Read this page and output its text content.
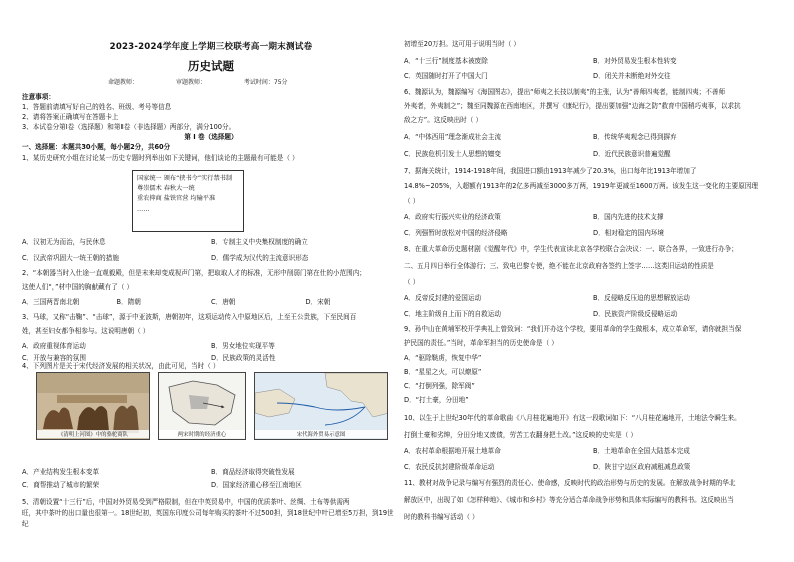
2023-2024学年度上学期三校联考高一期末测试卷
历史试题
命题教师：	审题教师：	考试时间：75分
注意事项：
1、答题前请填写好自己的姓名、班级、考号等信息
2、请将答案正确填写在答题卡上
3、本试卷分第Ⅰ卷（选择题）和第Ⅱ卷（非选择题）两部分，满分100分。
第 Ⅰ 卷（选择题）
一、选择题：本题共30小题，每小题2分，共60分
1、某历史研究小组在讨论某一历史专题时列举出如下关键词，他们谈论的主题最有可能是（ ）
国家统一 颁布“挟书令”实行禁书制
尊崇儒术 春秋大一统
重农抑商 盐铁官营 均输平准
……
A．汉初无为而治，与民休息	B．专制主义中央集权制度的确立
C．汉武帝巩固大一统王朝的措施	D．儒学成为汉代的主流意识形态
2、“本朝器当时入仕途一直观毅殿，但是末来却变成视声门第，把取取人才的标准，无形中削弱门第在仕的小范围内；
这使人们“，”材中国的胸献藏有了（ ）
A．三国两晋南北朝	B．隋朝	C．唐朝	D．宋朝
3、马球，又称“击鞠”、“击球”，源于中亚波斯，唐朝初年，这项运动传入中原地区后，上至王公贵族，下至民间百
姓，甚至妇女都争相参与。这说明唐朝（ ）
A．政府重视体育运动	B．男女地位实现平等
C．开放与兼容的氛围	D．民族政策的灵活性
4、下列图片是关于宋代经济发展的相关状况，由此可见，当时（ ）
《清明上河图》中的骆驼商队	两宋时期的经济重心	宋代海外贸易示意图
A．产业结构发生根本变革	B．商品经济取得突破性发展
C．商帮推动了城市的繁荣	D．国家经济重心移至江南地区
5、清朝设置“十三行”后，中国对外贸易受到严格限制，但在中英贸易中，中国的优质茶叶、丝绸、土布等供需两
旺，其中茶叶的出口量也很第一。18世纪初，英国东印度公司每年购买的茶叶不过500担，到18世纪中叶已增至5万担，到19世纪
初增至20万担。这可用于说明当时（ ）
A．“十三行”制度基本被废除	B．对外贸易发生根本性转变
C．英国随时打开了中国大门	D．闭关并未断绝对外交往
6、魏源认为，魏源编写《海国图志》，提出“师夷之长技以制夷”的主张，认为“善师四夷者，能制四夷；不善师
外夷者，外夷制之”；魏至同魏源在西南地区，并撰写《康纪行》，提出要加强“边海之防”救育中国稍巧夷事，以求抗
敌之方”。这反映出时（ ）
A．“中体西用”理念渐成社会主流	B．传统华夷观念已得到摒弃
C．民族危机引发士人思想的嬗变	D．近代民族意识普遍觉醒
7、据海关统计，1914-1918年间，我国进口额由1913年减少了20.3%，出口每年比1913年增加了
14.8%~205%，入超额有1913年的2亿多两减至3000多万两，1919年更减至1600万两。该发生这一变化的主要原因理
（ ）
A．政府实行振兴实业的经济政策	B．国内先进的技术支撑
C．列强暂时放松对中国的经济侵略	D．相对稳定的国内环境
8、在重大革命历史题材剧《觉醒年代》中，学生代表宣读北京各学校联合会决议：一、联合各界，一致进行办争；
二、五月四日举行全体游行；三、致电巴黎专使，绝不能在北京政府各签约上签字……这类旧运动的性质是
（ ）
A．反帝反封建的爱国运动	B．反侵略反压迫的思想解放运动
C．地主阶级自上而下的自救运动	D．民族资产阶级反侵略运动
9、孙中山在黄埔军校开学典礼上曾致词：“我们开办这个学校，要用革命的学生做根本，成立革命军，请你就担当保
护民国的责任。”当时，革命军担当的历史使命是（ ）
A．“驱除鞑虏，恢复中华”
B．“星星之火，可以燎原”
C．“打倒列强，除军阀”
D．“打土豪，分田地”
10、以生于上世纪30年代的革命歌曲《八月桂花遍地开》有这一段歌词如下：“八月桂花遍地开，土地法令瞬生来。
打倒土豪和劣绅，分田分地又废债，劳苦工农翻身把土改。”这反映的史实是（ ）
A．农村革命根据地开展土地革命	B．土地革命在全国大陆基本完成
C．农民反抗封建阶级革命运动	D．陕甘宁边区政府减租减息政策
11、教材对战争记录与编写有强烈的责任心、使命感，反映时代的政治形势与历史的发展。在解放战争时期的华北
解放区中，出现了如《怎样种地》、《城市和乡村》等充分适合革命战争形势和具体实际编写的教科书。这反映出当
时的教科书编写活动（ ）
